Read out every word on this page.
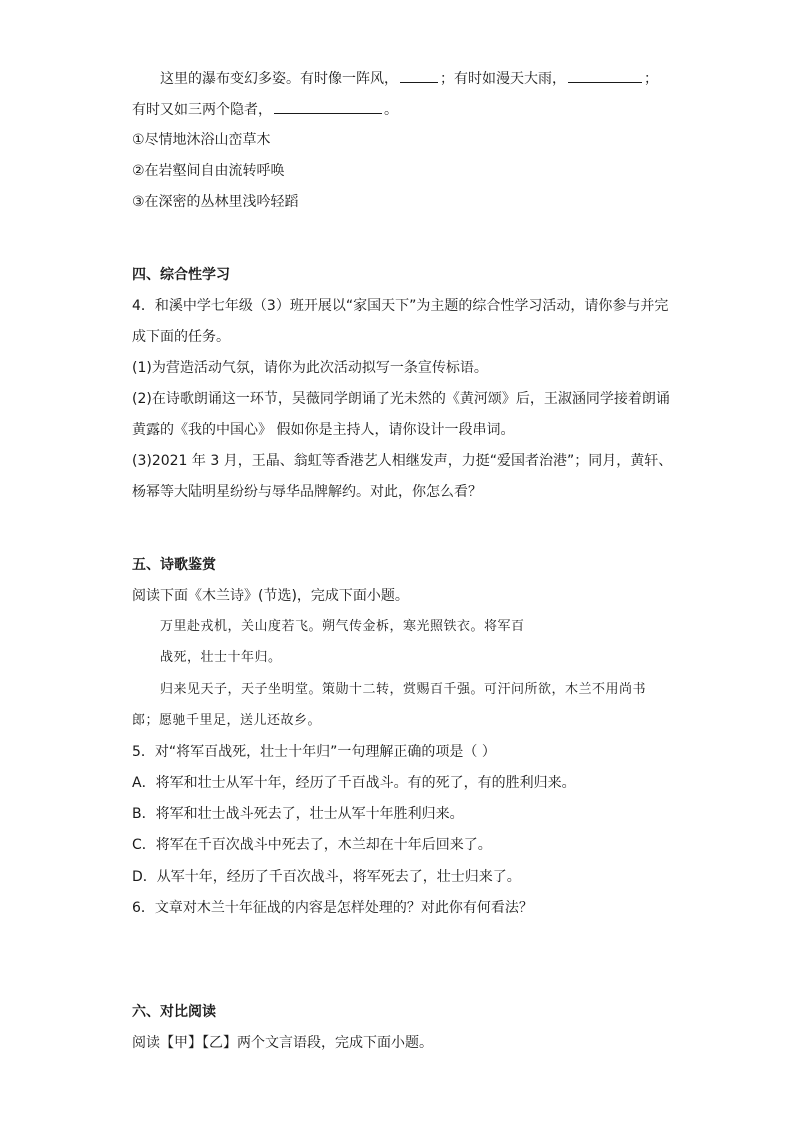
这里的瀑布变幻多姿。有时像一阵风，	；有时如漫天大雨，	；
有时又如三两个隐者，	。
①尽情地沐浴山峦草木
②在岩壑间自由流转呼唤
③在深密的丛林里浅吟轻蹈
四、综合性学习
4．和溪中学七年级（3）班开展以“家国天下”为主题的综合性学习活动，请你参与并完
成下面的任务。
(1)为营造活动气氛，请你为此次活动拟写一条宣传标语。
(2)在诗歌朗诵这一环节，吴薇同学朗诵了光未然的《黄河颂》后，王淑涵同学接着朗诵
黄露的《我的中国心》 假如你是主持人，请你设计一段串词。
(3)2021 年 3 月，王晶、翁虹等香港艺人相继发声，力挺“爱国者治港”；同月，黄轩、
杨幂等大陆明星纷纷与辱华品牌解约。对此，你怎么看？
五、诗歌鉴赏
阅读下面《木兰诗》(节选)，完成下面小题。
万里赴戎机，关山度若飞。朔气传金柝，寒光照铁衣。将军百
战死，壮士十年归。
归来见天子，天子坐明堂。策勋十二转，赏赐百千强。可汗问所欲，木兰不用尚书
郎；愿驰千里足，送儿还故乡。
5．对“将军百战死，壮士十年归”一句理解正确的项是（ ）
A．将军和壮士从军十年，经历了千百战斗。有的死了，有的胜利归来。
B．将军和壮士战斗死去了，壮士从军十年胜利归来。
C．将军在千百次战斗中死去了，木兰却在十年后回来了。
D．从军十年，经历了千百次战斗，将军死去了，壮士归来了。
6．文章对木兰十年征战的内容是怎样处理的？对此你有何看法？
六、对比阅读
阅读【甲】【乙】两个文言语段，完成下面小题。
